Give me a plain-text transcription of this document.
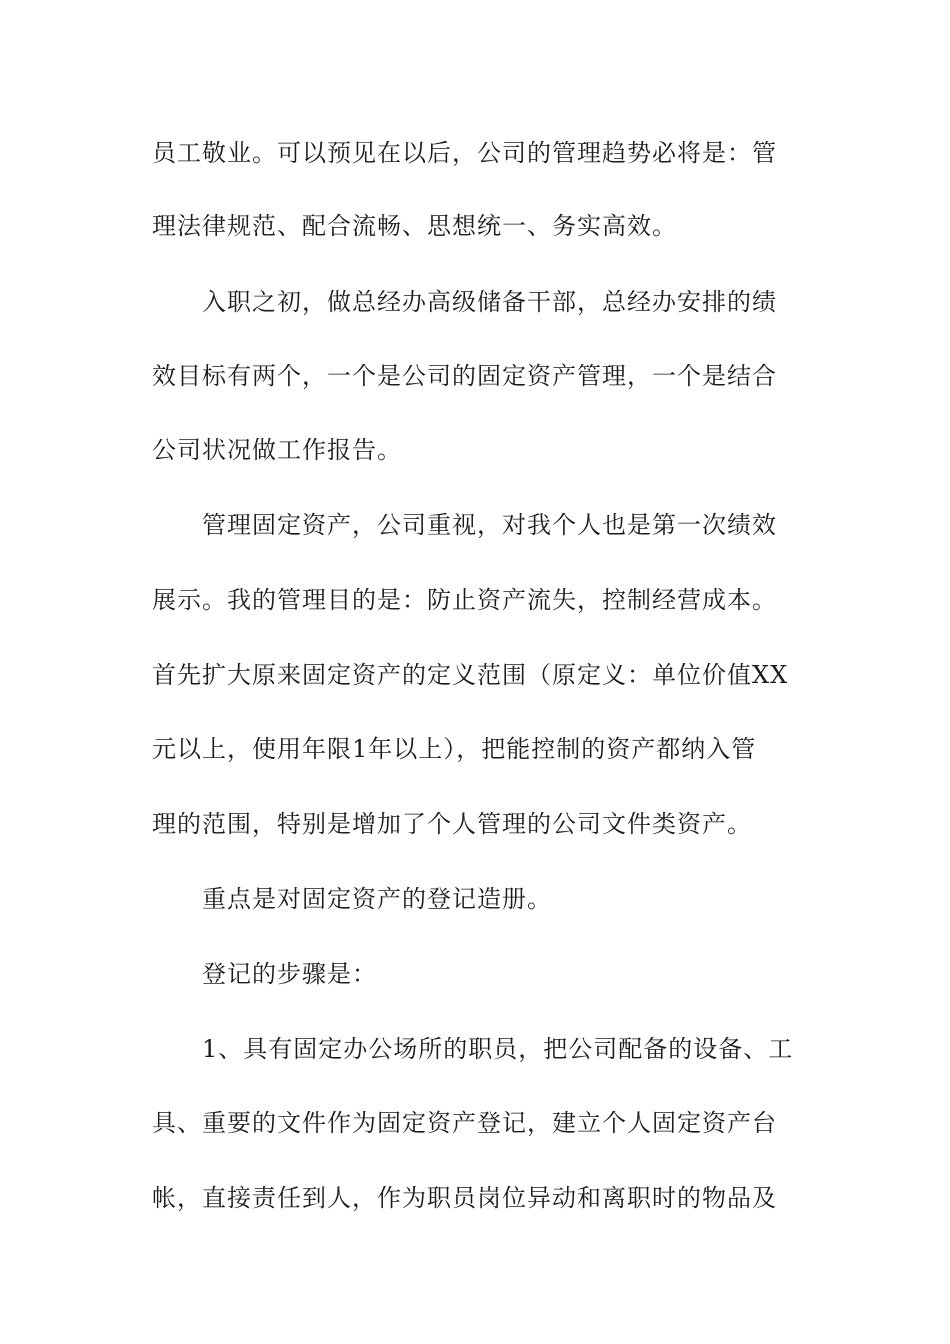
员工敬业。可以预见在以后，公司的管理趋势必将是：管
理法律规范、配合流畅、思想统一、务实高效。
入职之初，做总经办高级储备干部，总经办安排的绩
效目标有两个，一个是公司的固定资产管理，一个是结合
公司状况做工作报告。
管理固定资产，公司重视，对我个人也是第一次绩效
展示。我的管理目的是：防止资产流失，控制经营成本。
首先扩大原来固定资产的定义范围（原定义：单位价值XX
元以上，使用年限1年以上），把能控制的资产都纳入管
理的范围，特别是增加了个人管理的公司文件类资产。
重点是对固定资产的登记造册。
登记的步骤是：
1、具有固定办公场所的职员，把公司配备的设备、工
具、重要的文件作为固定资产登记，建立个人固定资产台
帐，直接责任到人，作为职员岗位异动和离职时的物品及
